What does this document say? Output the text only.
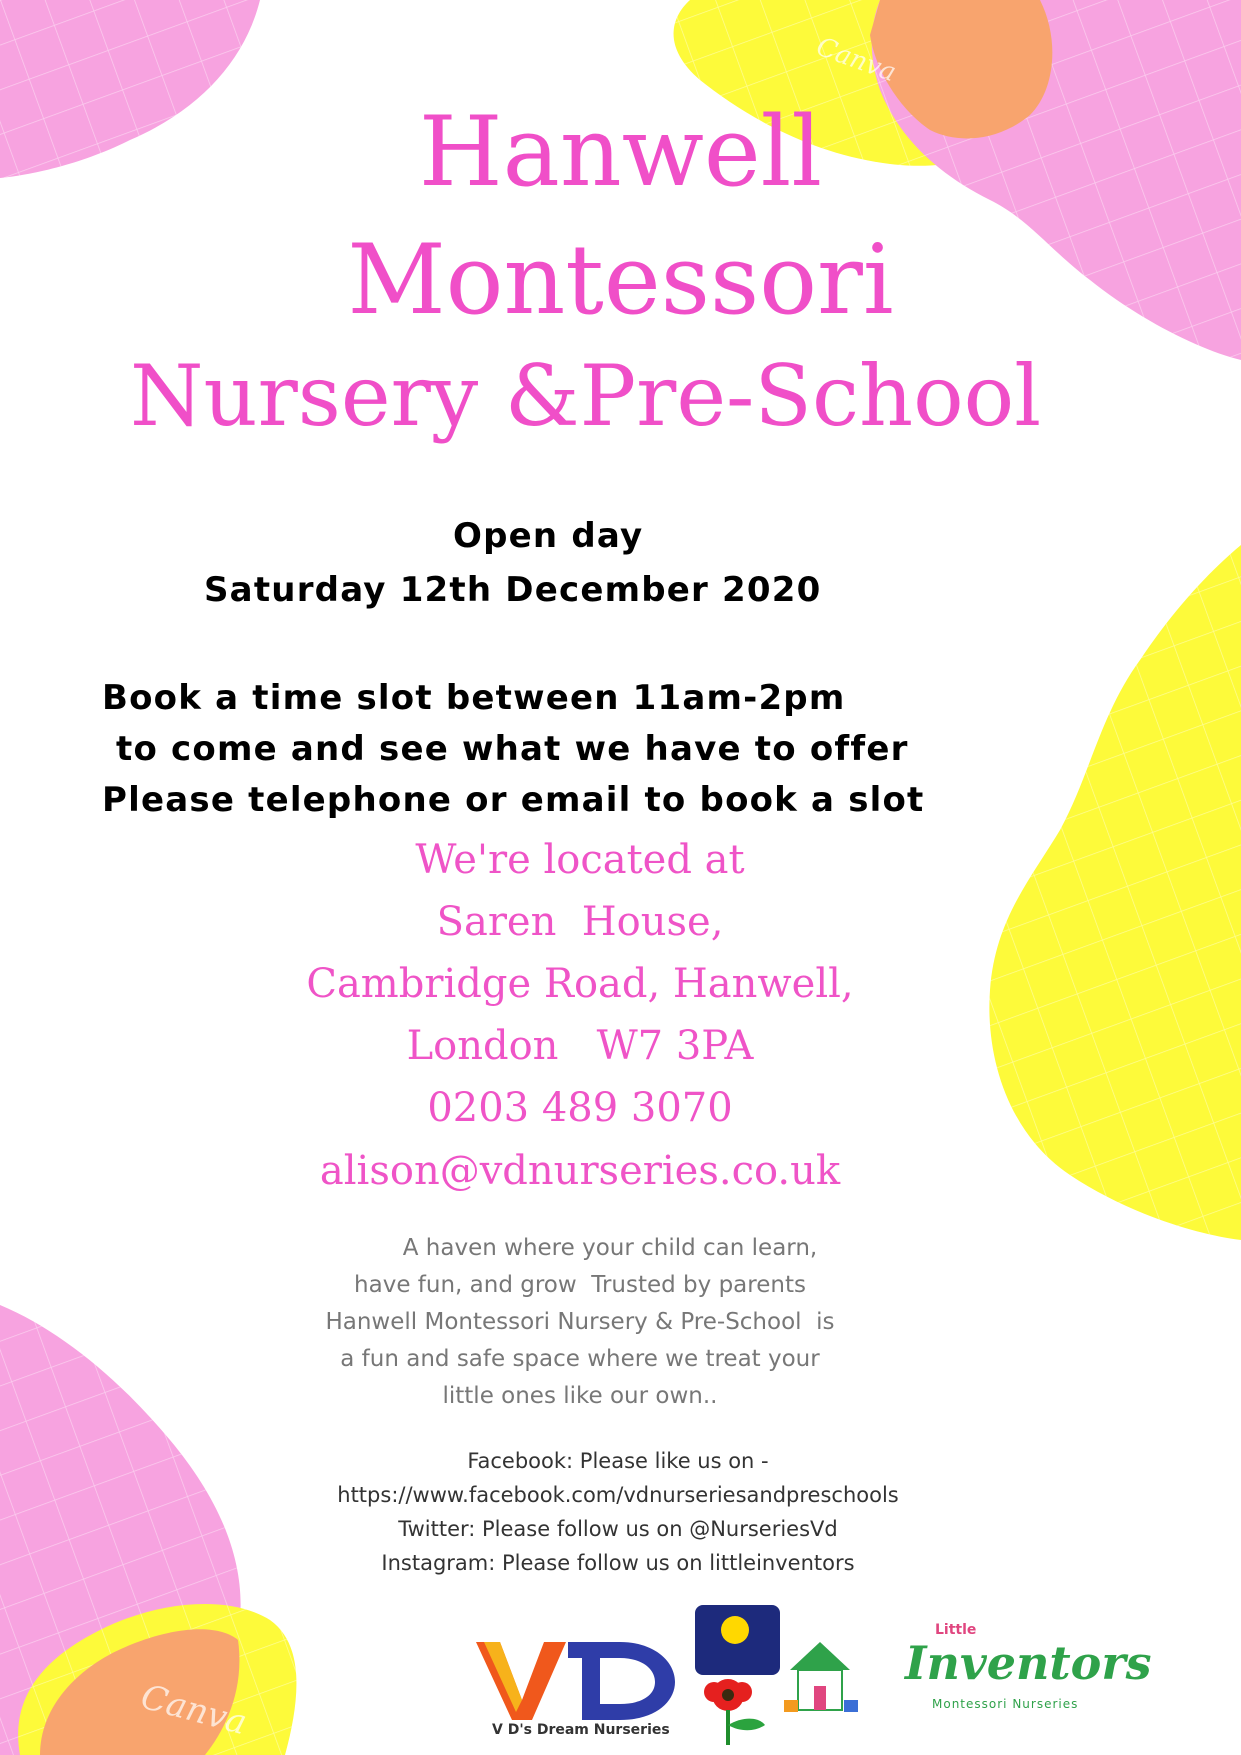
Canva
Canva
Hanwell
Montessori
Nursery &Pre-School
Open day
Saturday 12th December 2020
Book a time slot between 11am-2pm
to come and see what we have to offer
Please telephone or email to book a slot
We're located at
Saren  House,
Cambridge Road, Hanwell,
London   W7 3PA
0203 489 3070
alison@vdnurseries.co.uk
A haven where your child can learn,
have fun, and grow  Trusted by parents
Hanwell Montessori Nursery & Pre-School  is
a fun and safe space where we treat your
little ones like our own..
Facebook: Please like us on -
https://www.facebook.com/vdnurseriesandpreschools
Twitter: Please follow us on @NurseriesVd
Instagram: Please follow us on littleinventors
V D's Dream Nurseries
Little
Inventors
Montessori Nurseries
